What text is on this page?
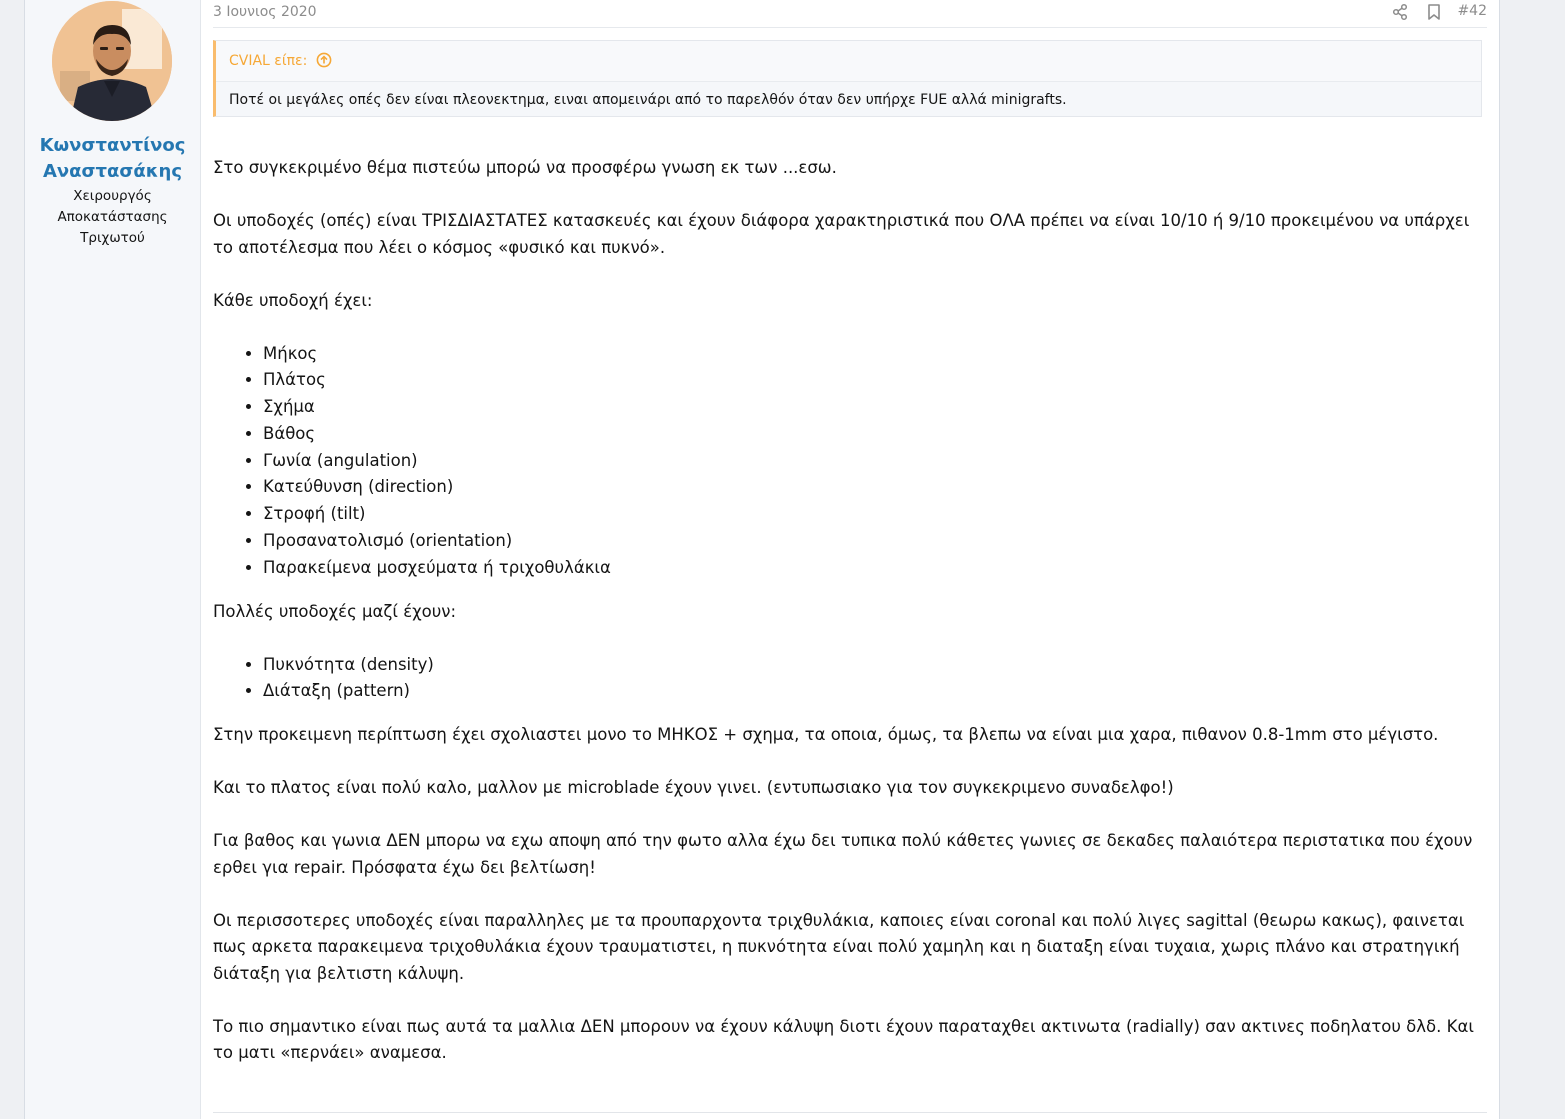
Κωνσταντίνος
Αναστασάκης
Χειρουργός
Αποκατάστασης
Τριχωτού
3 Ιουνιος 2020	#42
CVIAL είπε:
Ποτέ οι μεγάλες οπές δεν είναι πλεονεκτημα, ειναι απομεινάρι από το παρελθόν όταν δεν υπήρχε FUE αλλά minigrafts.

Στο συγκεκριμένο θέμα πιστεύω μπορώ να προσφέρω γνωση εκ των ...εσω.

Οι υποδοχές (οπές) είναι ΤΡΙΣΔΙΑΣΤΑΤΕΣ κατασκευές και έχουν διάφορα χαρακτηριστικά που ΟΛΑ πρέπει να είναι 10/10 ή 9/10 προκειμένου να υπάρχει το αποτέλεσμα που λέει ο κόσμος «φυσικό και πυκνό».

Κάθε υποδοχή έχει:

• Μήκος
• Πλάτος
• Σχήμα
• Βάθος
• Γωνία (angulation)
• Κατεύθυνση (direction)
• Στροφή (tilt)
• Προσανατολισμό (orientation)
• Παρακείμενα μοσχεύματα ή τριχοθυλάκια

Πολλές υποδοχές μαζί έχουν:

• Πυκνότητα (density)
• Διάταξη (pattern)

Στην προκειμενη περίπτωση έχει σχολιαστει μονο το ΜΗΚΟΣ + σχημα, τα οποια, όμως, τα βλεπω να είναι μια χαρα, πιθανον 0.8-1mm στο μέγιστο.

Και το πλατος είναι πολύ καλο, μαλλον με microblade έχουν γινει. (εντυπωσιακο για τον συγκεκριμενο συναδελφο!)

Για βαθος και γωνια ΔΕΝ μπορω να εχω αποψη από την φωτο αλλα έχω δει τυπικα πολύ κάθετες γωνιες σε δεκαδες παλαιότερα περιστατικα που έχουν ερθει για repair. Πρόσφατα έχω δει βελτίωση!

Οι περισσοτερες υποδοχές είναι παραλληλες με τα προυπαρχοντα τριχθυλάκια, καποιες είναι coronal και πολύ λιγες sagittal (θεωρω κακως), φαινεται πως αρκετα παρακειμενα τριχοθυλάκια έχουν τραυματιστει, η πυκνότητα είναι πολύ χαμηλη και η διαταξη είναι τυχαια, χωρις πλάνο και στρατηγική διάταξη για βελτιστη κάλυψη.

Το πιο σημαντικο είναι πως αυτά τα μαλλια ΔΕΝ μπορουν να έχουν κάλυψη διοτι έχουν παραταχθει ακτινωτα (radially) σαν ακτινες ποδηλατου δλδ. Και το ματι «περνάει» αναμεσα.
